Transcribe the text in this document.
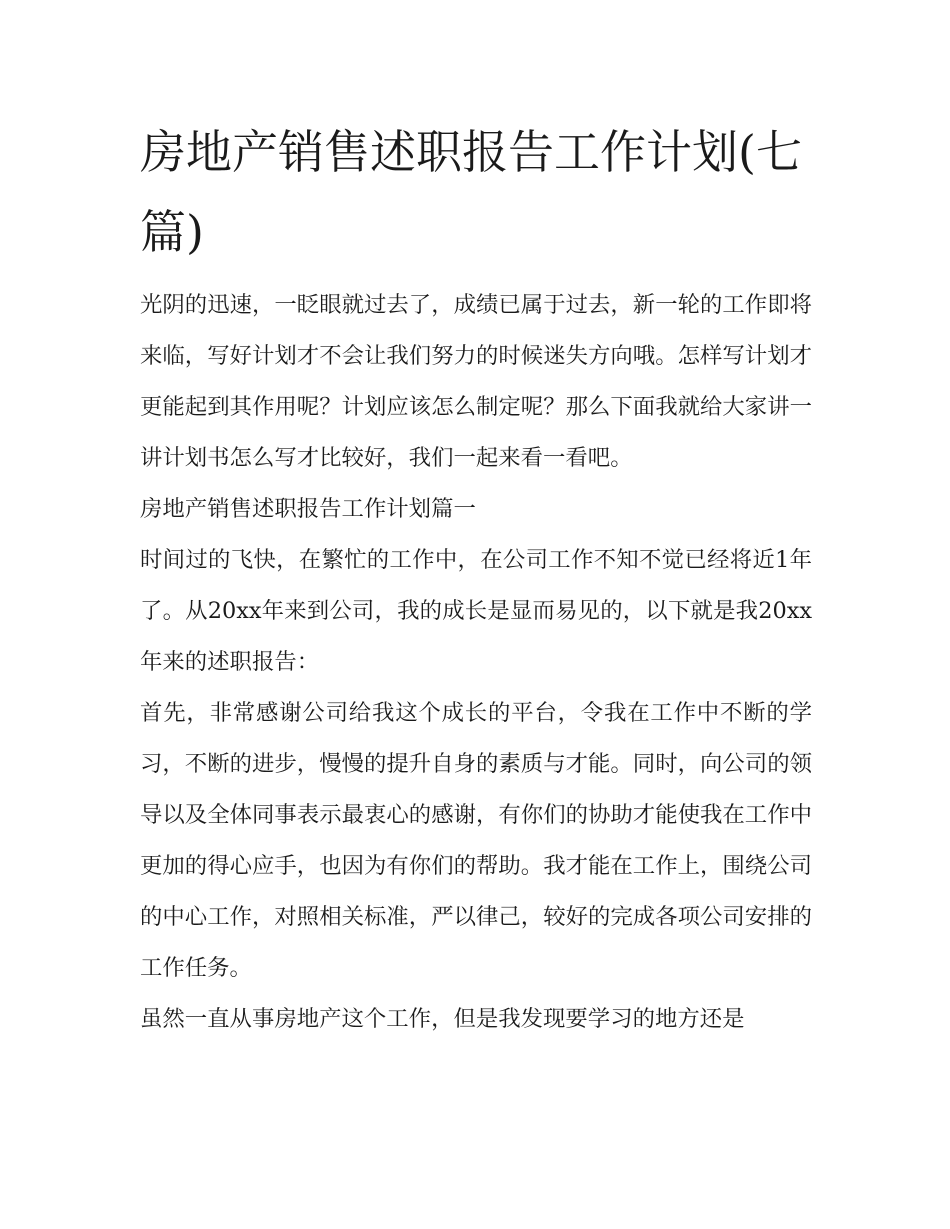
房地产销售述职报告工作计划(七篇)

光阴的迅速，一眨眼就过去了，成绩已属于过去，新一轮的工作即将来临，写好计划才不会让我们努力的时候迷失方向哦。怎样写计划才更能起到其作用呢？计划应该怎么制定呢？那么下面我就给大家讲一讲计划书怎么写才比较好，我们一起来看一看吧。

房地产销售述职报告工作计划篇一

时间过的飞快，在繁忙的工作中，在公司工作不知不觉已经将近1年了。从20xx年来到公司，我的成长是显而易见的，以下就是我20xx年来的述职报告：

首先，非常感谢公司给我这个成长的平台，令我在工作中不断的学习，不断的进步，慢慢的提升自身的素质与才能。同时，向公司的领导以及全体同事表示最衷心的感谢，有你们的协助才能使我在工作中更加的得心应手，也因为有你们的帮助。我才能在工作上，围绕公司的中心工作，对照相关标准，严以律己，较好的完成各项公司安排的工作任务。

虽然一直从事房地产这个工作，但是我发现要学习的地方还是
